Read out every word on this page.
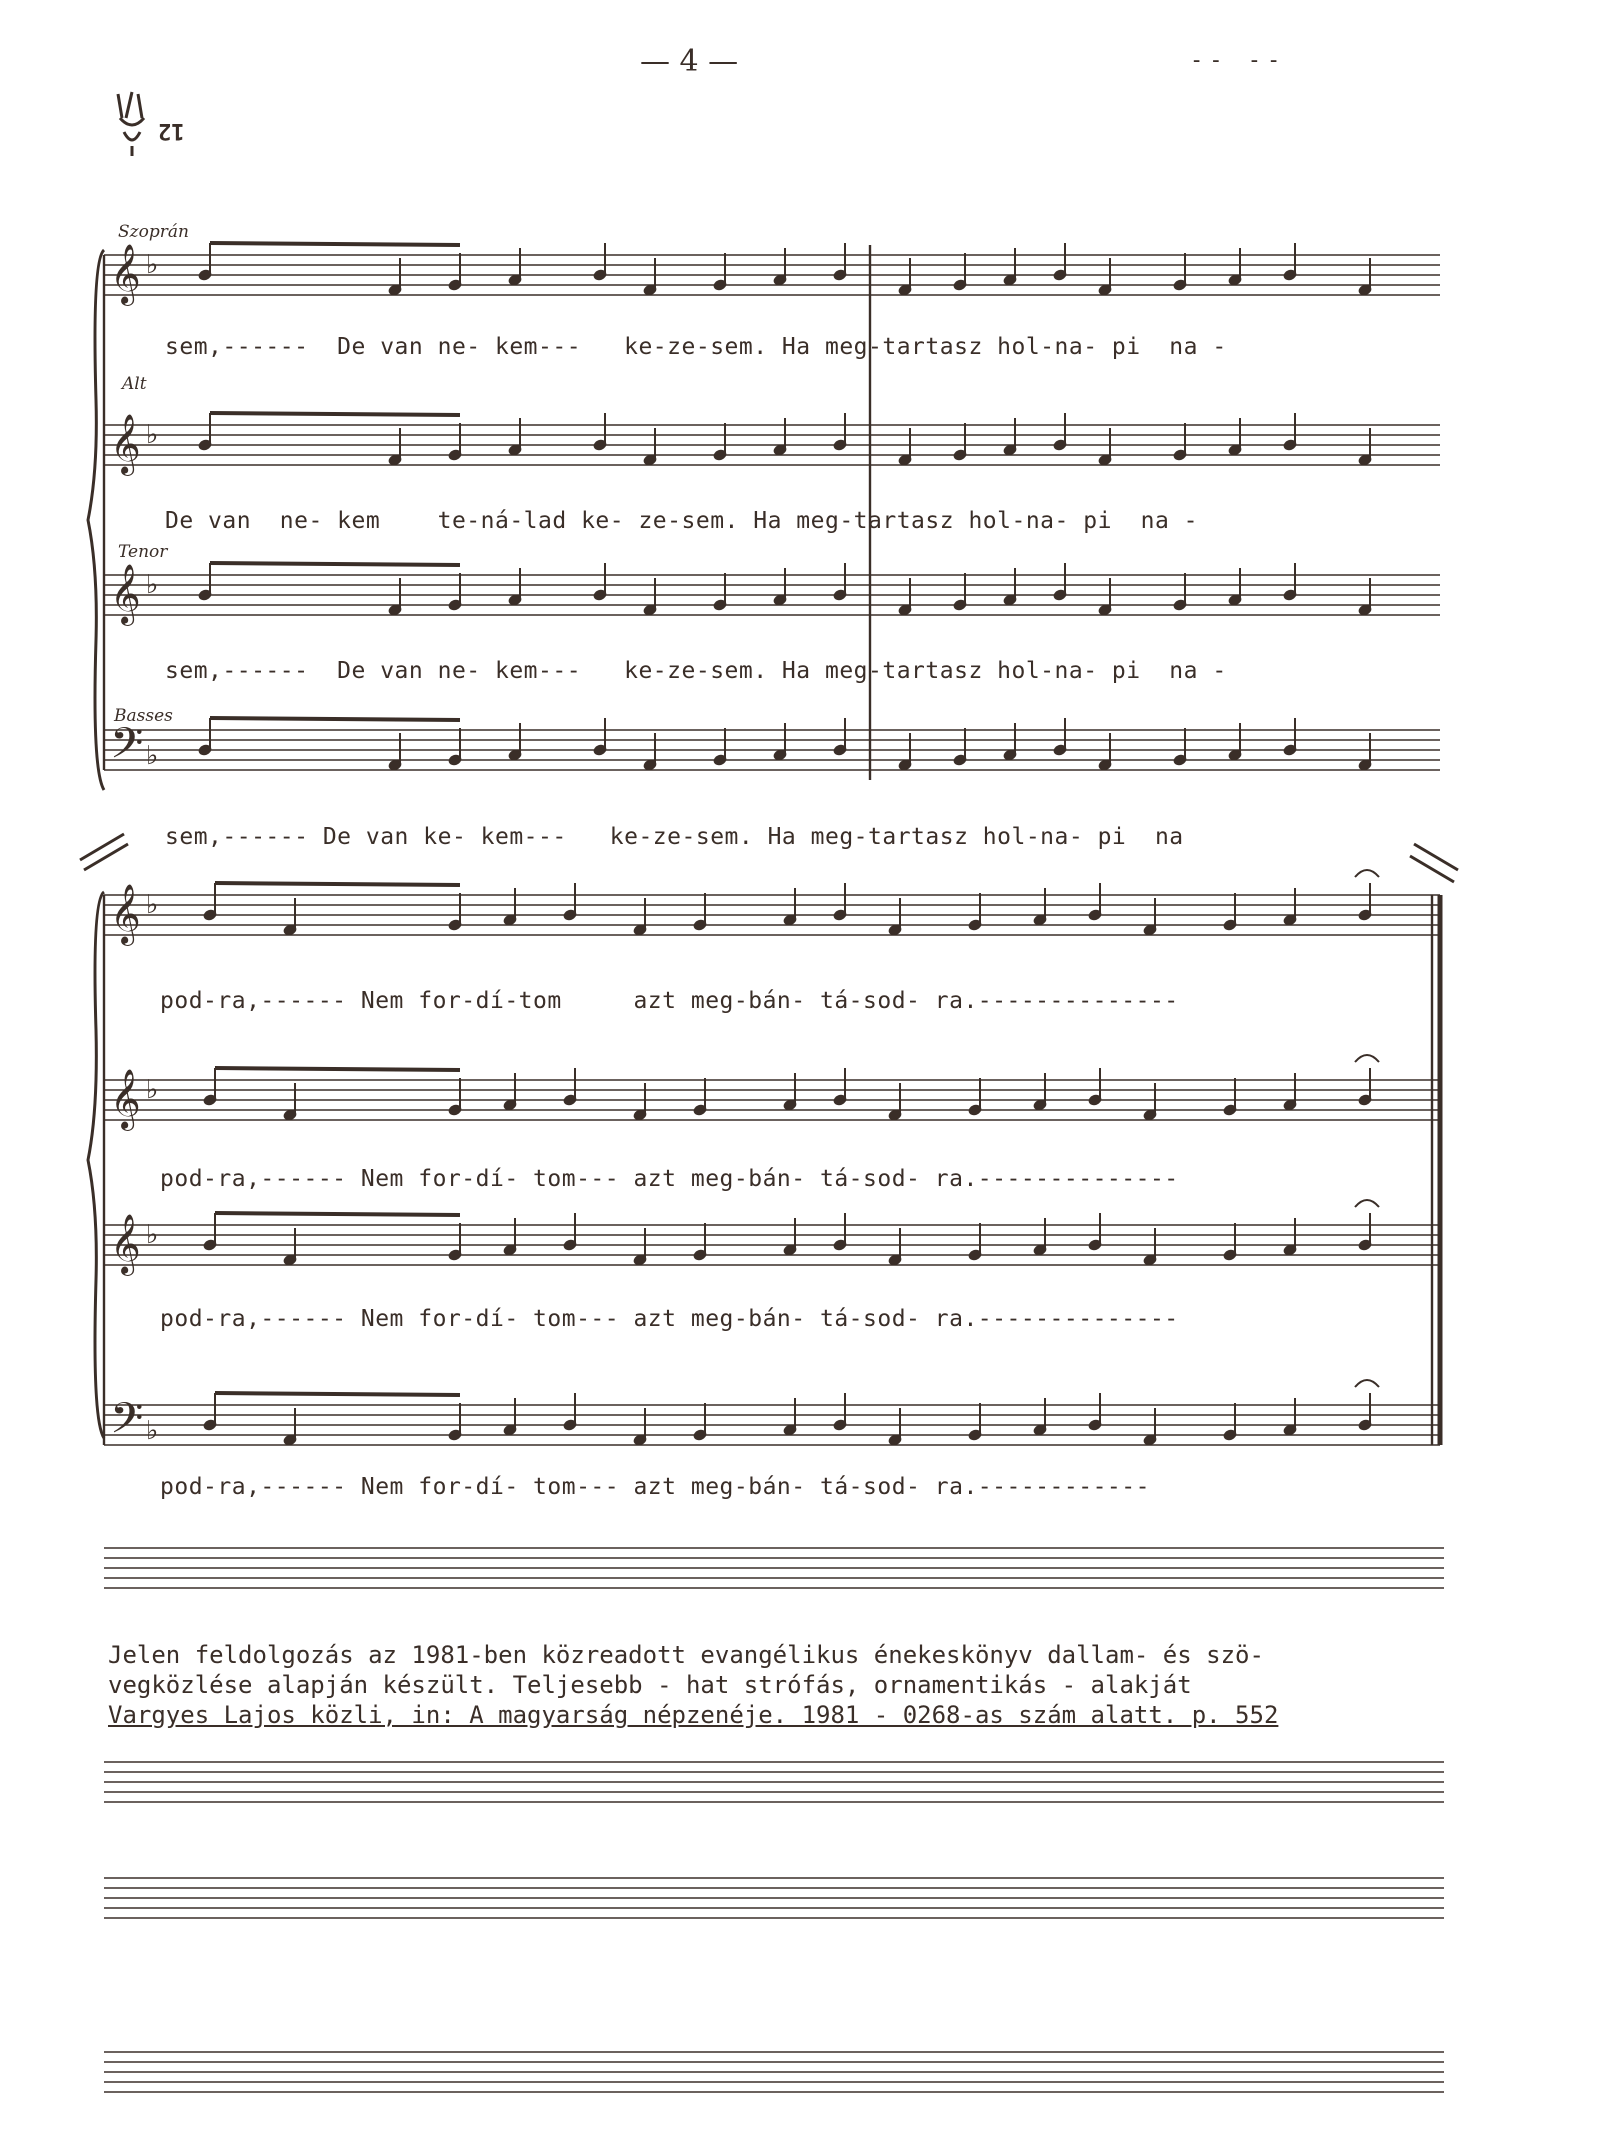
— 4 —	-- --
12
Szoprán
Alt
Tenor
Basses
𝄞 ♭
𝄞 ♭
𝄞 ♭
𝄢 ♭
𝄞 ♭
𝄞 ♭
𝄞 ♭
𝄢 ♭
sem,------  De van ne- kem---   ke-ze-sem. Ha meg-tartasz hol-na- pi  na -
De van  ne- kem    te-ná-lad ke- ze-sem. Ha meg-tartasz hol-na- pi  na -
sem,------  De van ne- kem---   ke-ze-sem. Ha meg-tartasz hol-na- pi  na -
sem,------ De van ke- kem---   ke-ze-sem. Ha meg-tartasz hol-na- pi  na
pod-ra,------ Nem for-dí-tom     azt meg-bán- tá-sod- ra.--------------
pod-ra,------ Nem for-dí- tom--- azt meg-bán- tá-sod- ra.--------------
pod-ra,------ Nem for-dí- tom--- azt meg-bán- tá-sod- ra.--------------
pod-ra,------ Nem for-dí- tom--- azt meg-bán- tá-sod- ra.------------
Jelen feldolgozás az 1981-ben közreadott evangélikus énekeskönyv dallam- és szö-
vegközlése alapján készült. Teljesebb - hat strófás, ornamentikás - alakját
Vargyes Lajos közli, in: A magyarság népzenéje. 1981 - 0268-as szám alatt. p. 552
